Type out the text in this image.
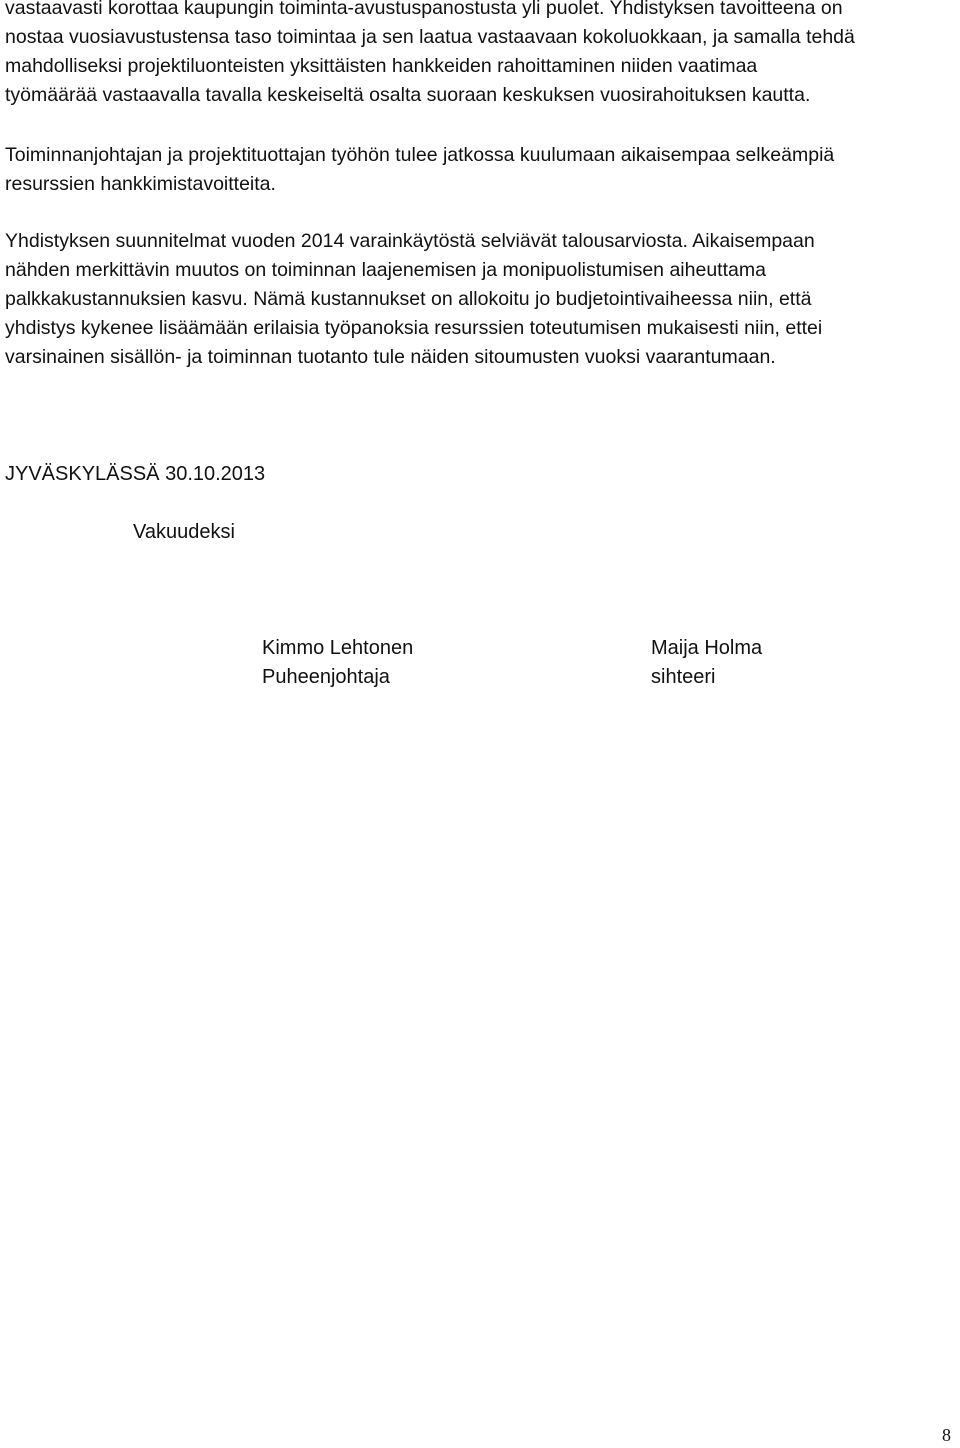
vastaavasti korottaa kaupungin toiminta-avustuspanostusta yli puolet. Yhdistyksen tavoitteena on
nostaa vuosiavustustensa taso toimintaa ja sen laatua vastaavaan kokoluokkaan, ja samalla tehdä
mahdolliseksi projektiluonteisten yksittäisten hankkeiden rahoittaminen niiden vaatimaa
työmäärää vastaavalla tavalla keskeiseltä osalta suoraan keskuksen vuosirahoituksen kautta.
Toiminnanjohtajan ja projektituottajan työhön tulee jatkossa kuulumaan aikaisempaa selkeämpiä
resurssien hankkimistavoitteita.
Yhdistyksen suunnitelmat vuoden 2014 varainkäytöstä selviävät talousarviosta. Aikaisempaan
nähden merkittävin muutos on toiminnan laajenemisen ja monipuolistumisen aiheuttama
palkkakustannuksien kasvu. Nämä kustannukset on allokoitu jo budjetointivaiheessa niin, että
yhdistys kykenee lisäämään erilaisia työpanoksia resurssien toteutumisen mukaisesti niin, ettei
varsinainen sisällön- ja toiminnan tuotanto tule näiden sitoumusten vuoksi vaarantumaan.
JYVÄSKYLÄSSÄ 30.10.2013
Vakuudeksi
Kimmo Lehtonen
Puheenjohtaja
Maija Holma
sihteeri
8
